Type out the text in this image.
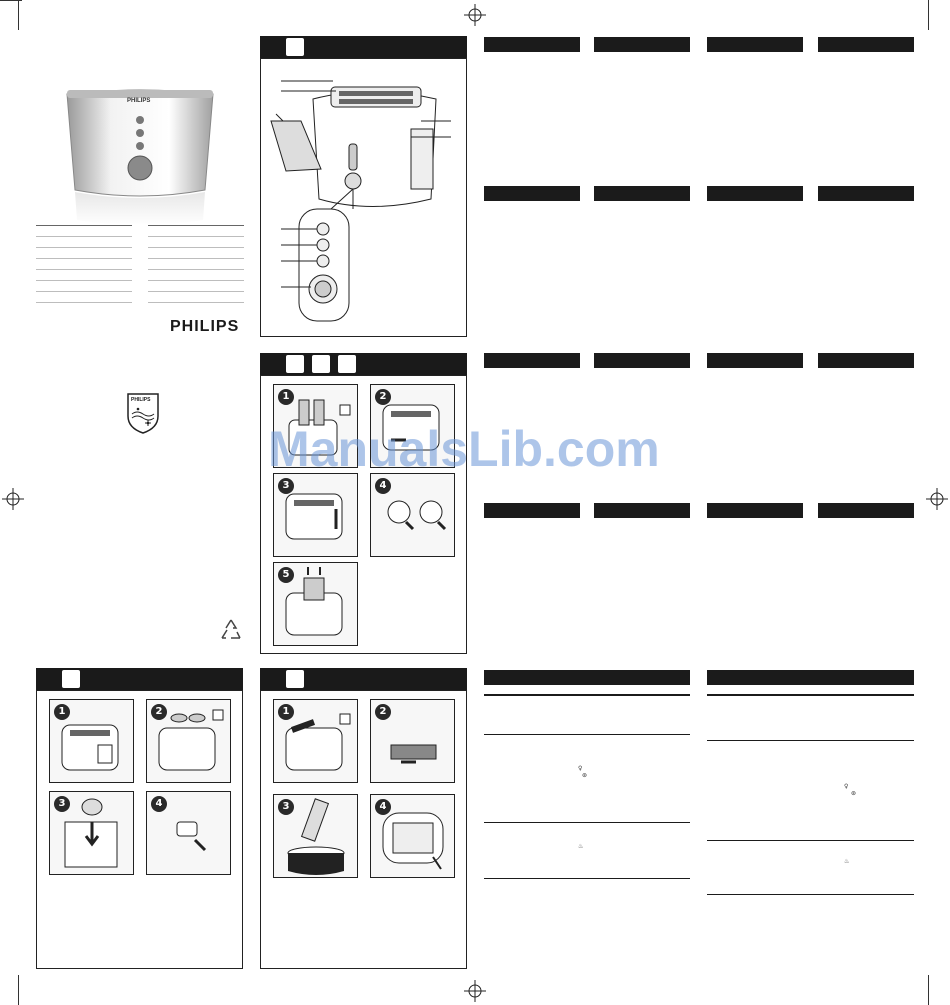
PHILIPS
PHILIPS
PHILIPS	1	2
3	4
5
1	2
3	4
1	2
3	4
♀
⊛
♨
♀
⊛
♨
ManualsLib.com
